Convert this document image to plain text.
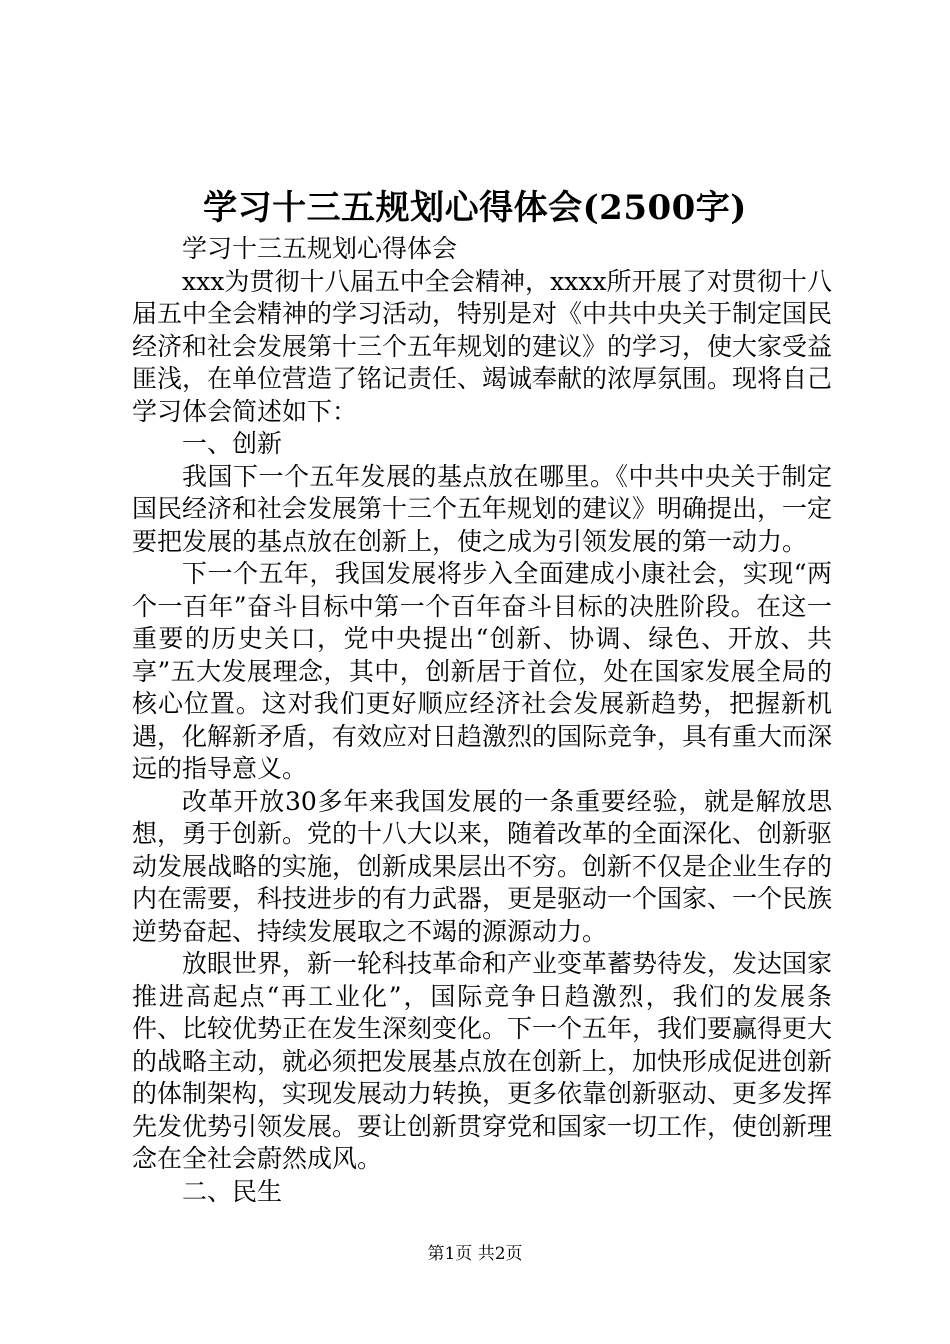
学习十三五规划心得体会(2500字)

学习十三五规划心得体会

xxx为贯彻十八届五中全会精神，xxxx所开展了对贯彻十八届五中全会精神的学习活动，特别是对《中共中央关于制定国民经济和社会发展第十三个五年规划的建议》的学习，使大家受益匪浅，在单位营造了铭记责任、竭诚奉献的浓厚氛围。现将自己学习体会简述如下：

一、创新

我国下一个五年发展的基点放在哪里。《中共中央关于制定国民经济和社会发展第十三个五年规划的建议》明确提出，一定要把发展的基点放在创新上，使之成为引领发展的第一动力。

下一个五年，我国发展将步入全面建成小康社会，实现“两个一百年”奋斗目标中第一个百年奋斗目标的决胜阶段。在这一重要的历史关口，党中央提出“创新、协调、绿色、开放、共享”五大发展理念，其中，创新居于首位，处在国家发展全局的核心位置。这对我们更好顺应经济社会发展新趋势，把握新机遇，化解新矛盾，有效应对日趋激烈的国际竞争，具有重大而深远的指导意义。

改革开放30多年来我国发展的一条重要经验，就是解放思想，勇于创新。党的十八大以来，随着改革的全面深化、创新驱动发展战略的实施，创新成果层出不穷。创新不仅是企业生存的内在需要，科技进步的有力武器，更是驱动一个国家、一个民族逆势奋起、持续发展取之不竭的源源动力。

放眼世界，新一轮科技革命和产业变革蓄势待发，发达国家推进高起点“再工业化”，国际竞争日趋激烈，我们的发展条件、比较优势正在发生深刻变化。下一个五年，我们要赢得更大的战略主动，就必须把发展基点放在创新上，加快形成促进创新的体制架构，实现发展动力转换，更多依靠创新驱动、更多发挥先发优势引领发展。要让创新贯穿党和国家一切工作，使创新理念在全社会蔚然成风。

二、民生

第1页 共2页
